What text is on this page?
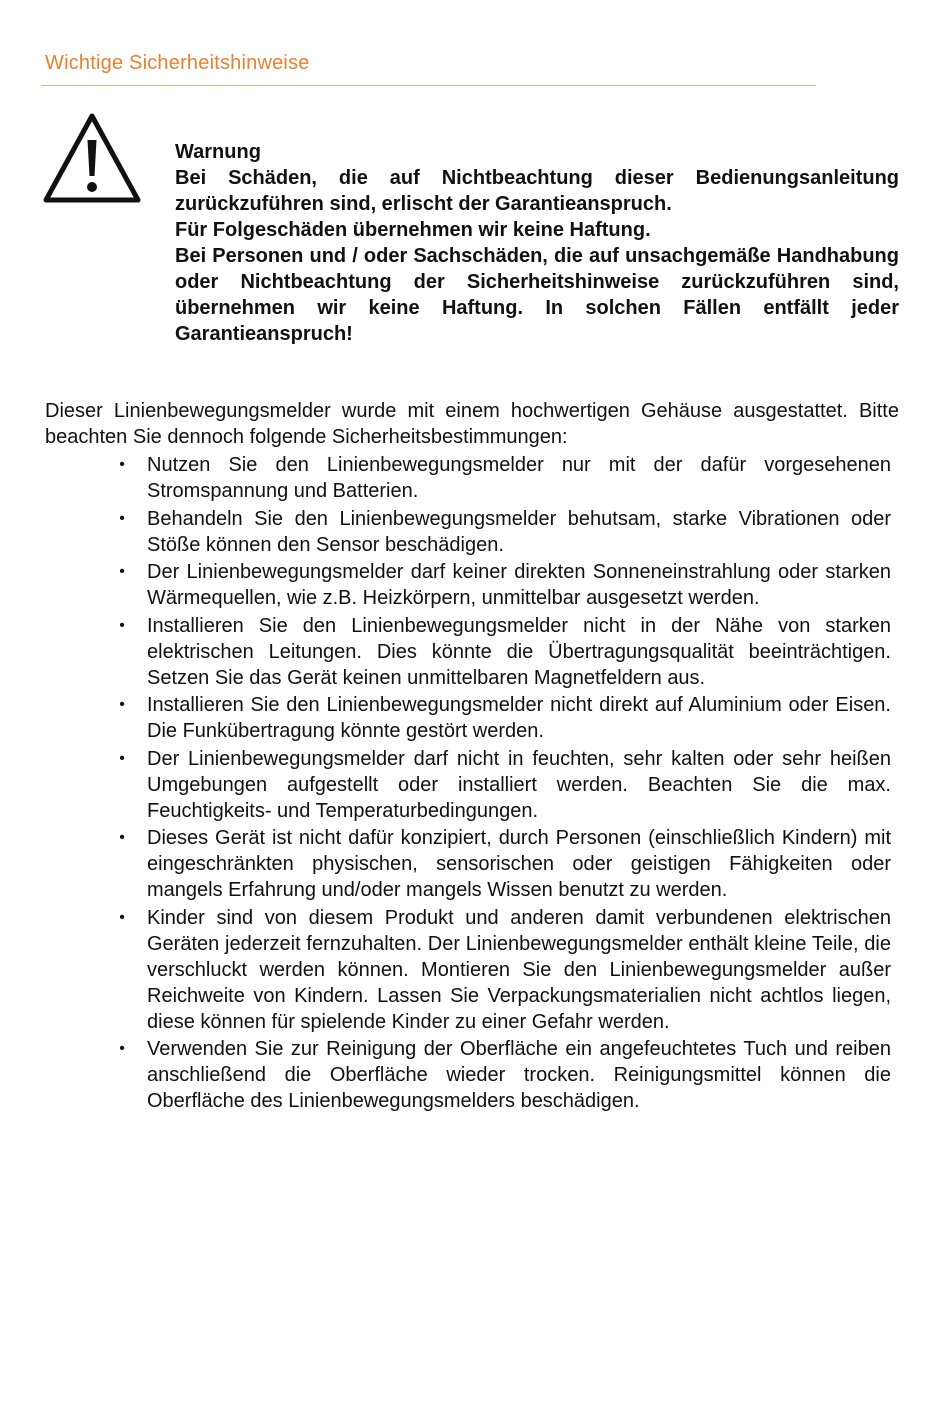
Wichtige Sicherheitshinweise

Warnung

Bei Schäden, die auf Nichtbeachtung dieser Bedienungsanleitung zurückzuführen sind, erlischt der Garantieanspruch.

Für Folgeschäden übernehmen wir keine Haftung.

Bei Personen und / oder Sachschäden, die auf unsachgemäße Handhabung oder Nichtbeachtung der Sicherheitshinweise zurückzuführen sind, übernehmen wir keine Haftung. In solchen Fällen entfällt jeder Garantieanspruch!

Dieser Linienbewegungsmelder wurde mit einem hochwertigen Gehäuse ausgestattet. Bitte beachten Sie dennoch folgende Sicherheitsbestimmungen:

• Nutzen Sie den Linienbewegungsmelder nur mit der dafür vorgesehenen Stromspannung und Batterien.
• Behandeln Sie den Linienbewegungsmelder behutsam, starke Vibrationen oder Stöße können den Sensor beschädigen.
• Der Linienbewegungsmelder darf keiner direkten Sonneneinstrahlung oder starken Wärmequellen, wie z.B. Heizkörpern, unmittelbar ausgesetzt werden.
• Installieren Sie den Linienbewegungsmelder nicht in der Nähe von starken elektrischen Leitungen. Dies könnte die Übertragungsqualität beeinträchtigen. Setzen Sie das Gerät keinen unmittelbaren Magnetfeldern aus.
• Installieren Sie den Linienbewegungsmelder nicht direkt auf Aluminium oder Eisen. Die Funkübertragung könnte gestört werden.
• Der Linienbewegungsmelder darf nicht in feuchten, sehr kalten oder sehr heißen Umgebungen aufgestellt oder installiert werden. Beachten Sie die max. Feuchtigkeits- und Temperaturbedingungen.
• Dieses Gerät ist nicht dafür konzipiert, durch Personen (einschließlich Kindern) mit eingeschränkten physischen, sensorischen oder geistigen Fähigkeiten oder mangels Erfahrung und/oder mangels Wissen benutzt zu werden.
• Kinder sind von diesem Produkt und anderen damit verbundenen elektrischen Geräten jederzeit fernzuhalten. Der Linienbewegungsmelder enthält kleine Teile, die verschluckt werden können. Montieren Sie den Linienbewegungsmelder außer Reichweite von Kindern. Lassen Sie Verpackungsmaterialien nicht achtlos liegen, diese können für spielende Kinder zu einer Gefahr werden.
• Verwenden Sie zur Reinigung der Oberfläche ein angefeuchtetes Tuch und reiben anschließend die Oberfläche wieder trocken. Reinigungsmittel können die Oberfläche des Linienbewegungsmelders beschädigen.
